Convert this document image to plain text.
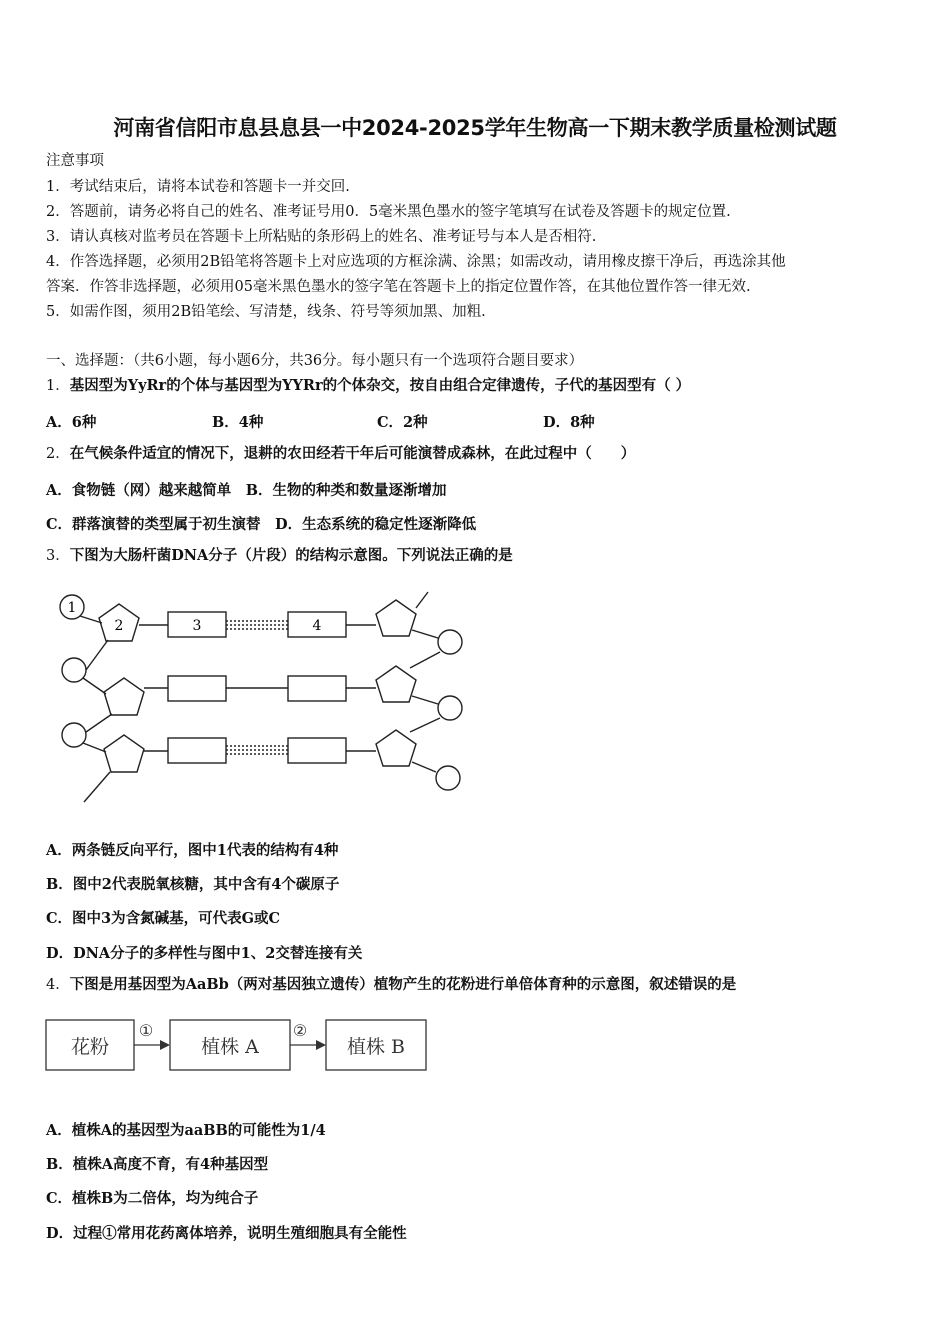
河南省信阳市息县息县一中2024-2025学年生物高一下期末教学质量检测试题
注意事项
1．考试结束后，请将本试卷和答题卡一并交回.
2．答题前，请务必将自己的姓名、准考证号用0．5毫米黑色墨水的签字笔填写在试卷及答题卡的规定位置.
3．请认真核对监考员在答题卡上所粘贴的条形码上的姓名、准考证号与本人是否相符.
4．作答选择题，必须用2B铅笔将答题卡上对应选项的方框涂满、涂黑；如需改动，请用橡皮擦干净后，再选涂其他
答案．作答非选择题，必须用05毫米黑色墨水的签字笔在答题卡上的指定位置作答，在其他位置作答一律无效.
5．如需作图，须用2B铅笔绘、写清楚，线条、符号等须加黑、加粗.
一、选择题：（共6小题，每小题6分，共36分。每小题只有一个选项符合题目要求）
1．基因型为YyRr的个体与基因型为YYRr的个体杂交，按自由组合定律遗传，子代的基因型有（ ）
A．6种	B．4种	C．2种	D．8种
2．在气候条件适宜的情况下，退耕的农田经若干年后可能演替成森林，在此过程中（　　）
A．食物链（网）越来越简单　B．生物的种类和数量逐渐增加
C．群落演替的类型属于初生演替　D．生态系统的稳定性逐渐降低
3．下图为大肠杆菌DNA分子（片段）的结构示意图。下列说法正确的是
1
2	3	4
A．两条链反向平行，图中1代表的结构有4种
B．图中2代表脱氧核糖，其中含有4个碳原子
C．图中3为含氮碱基，可代表G或C
D．DNA分子的多样性与图中1、2交替连接有关
4．下图是用基因型为AaBb（两对基因独立遗传）植物产生的花粉进行单倍体育种的示意图，叙述错误的是
花粉
①
植株 A
②
植株 B
A．植株A的基因型为aaBB的可能性为1/4
B．植株A高度不育，有4种基因型
C．植株B为二倍体，均为纯合子
D．过程①常用花药离体培养，说明生殖细胞具有全能性
